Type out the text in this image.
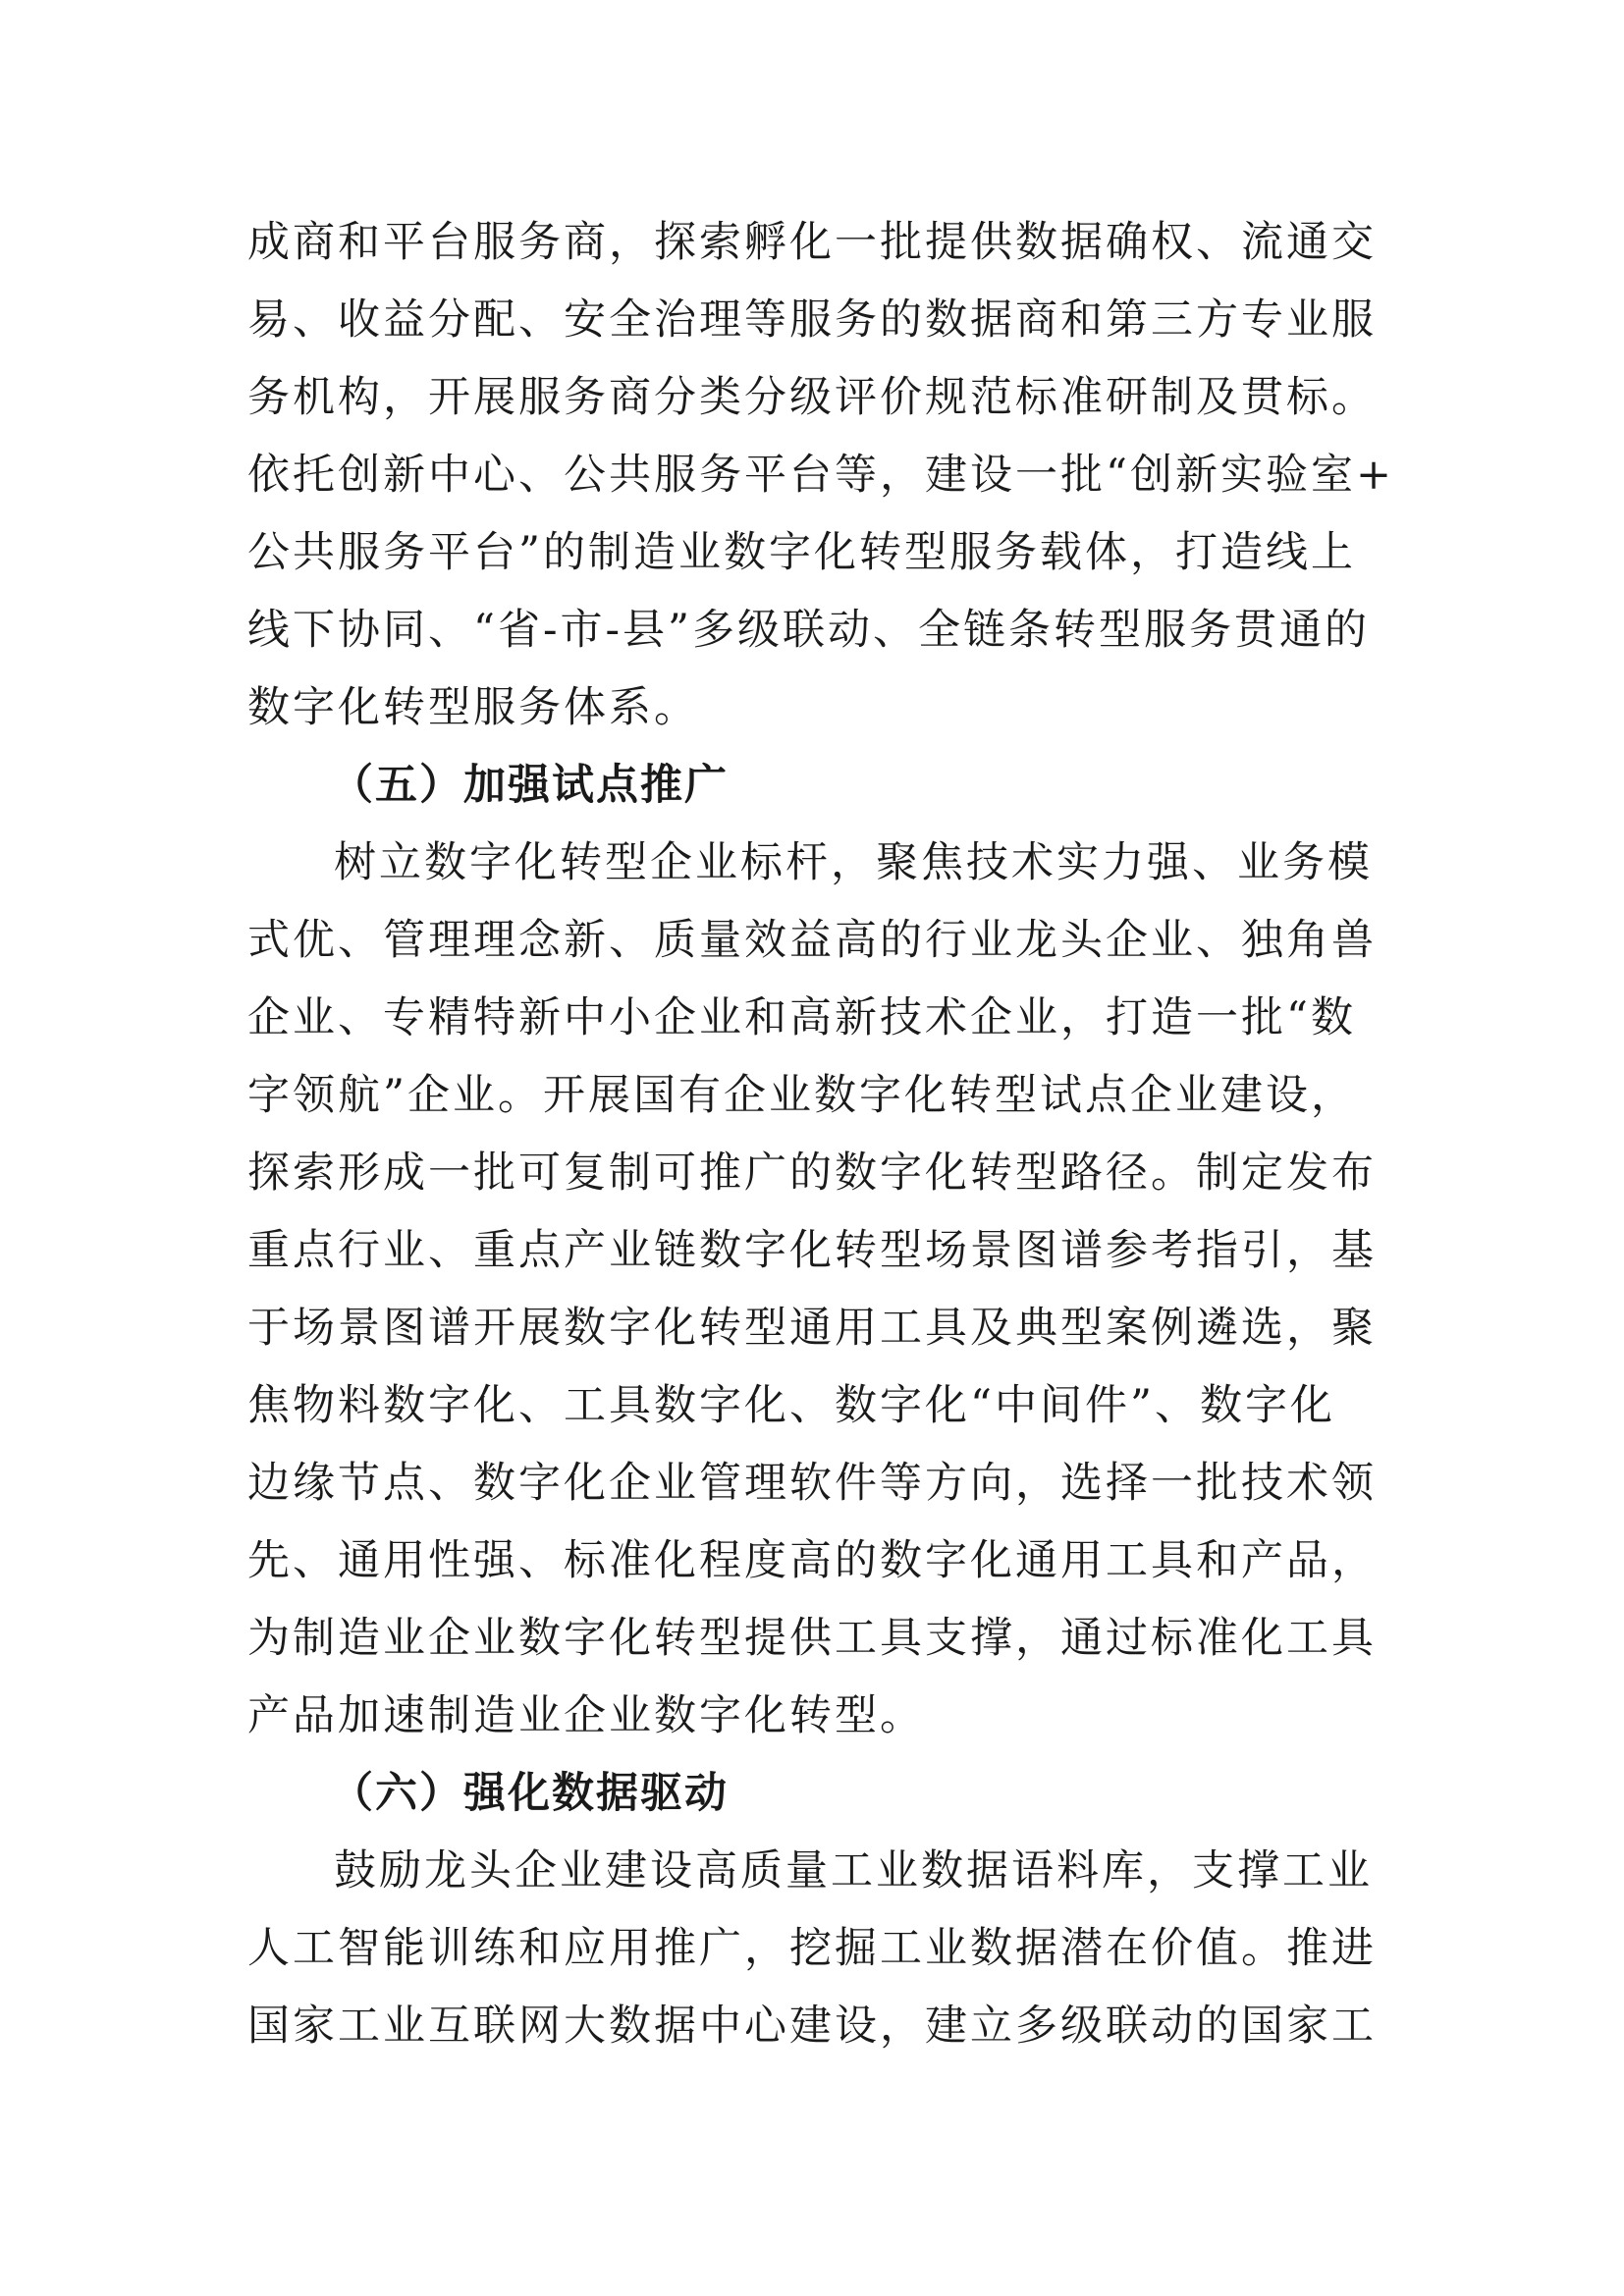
成商和平台服务商，探索孵化一批提供数据确权、流通交
易、收益分配、安全治理等服务的数据商和第三方专业服
务机构，开展服务商分类分级评价规范标准研制及贯标。
依托创新中心、公共服务平台等，建设一批“创新实验室+
公共服务平台”的制造业数字化转型服务载体，打造线上
线下协同、“省-市-县”多级联动、全链条转型服务贯通的
数字化转型服务体系。
（五）加强试点推广
树立数字化转型企业标杆，聚焦技术实力强、业务模
式优、管理理念新、质量效益高的行业龙头企业、独角兽
企业、专精特新中小企业和高新技术企业，打造一批“数
字领航”企业。开展国有企业数字化转型试点企业建设，
探索形成一批可复制可推广的数字化转型路径。制定发布
重点行业、重点产业链数字化转型场景图谱参考指引，基
于场景图谱开展数字化转型通用工具及典型案例遴选，聚
焦物料数字化、工具数字化、数字化“中间件”、数字化
边缘节点、数字化企业管理软件等方向，选择一批技术领
先、通用性强、标准化程度高的数字化通用工具和产品，
为制造业企业数字化转型提供工具支撑，通过标准化工具
产品加速制造业企业数字化转型。
（六）强化数据驱动
鼓励龙头企业建设高质量工业数据语料库，支撑工业
人工智能训练和应用推广，挖掘工业数据潜在价值。推进
国家工业互联网大数据中心建设，建立多级联动的国家工
